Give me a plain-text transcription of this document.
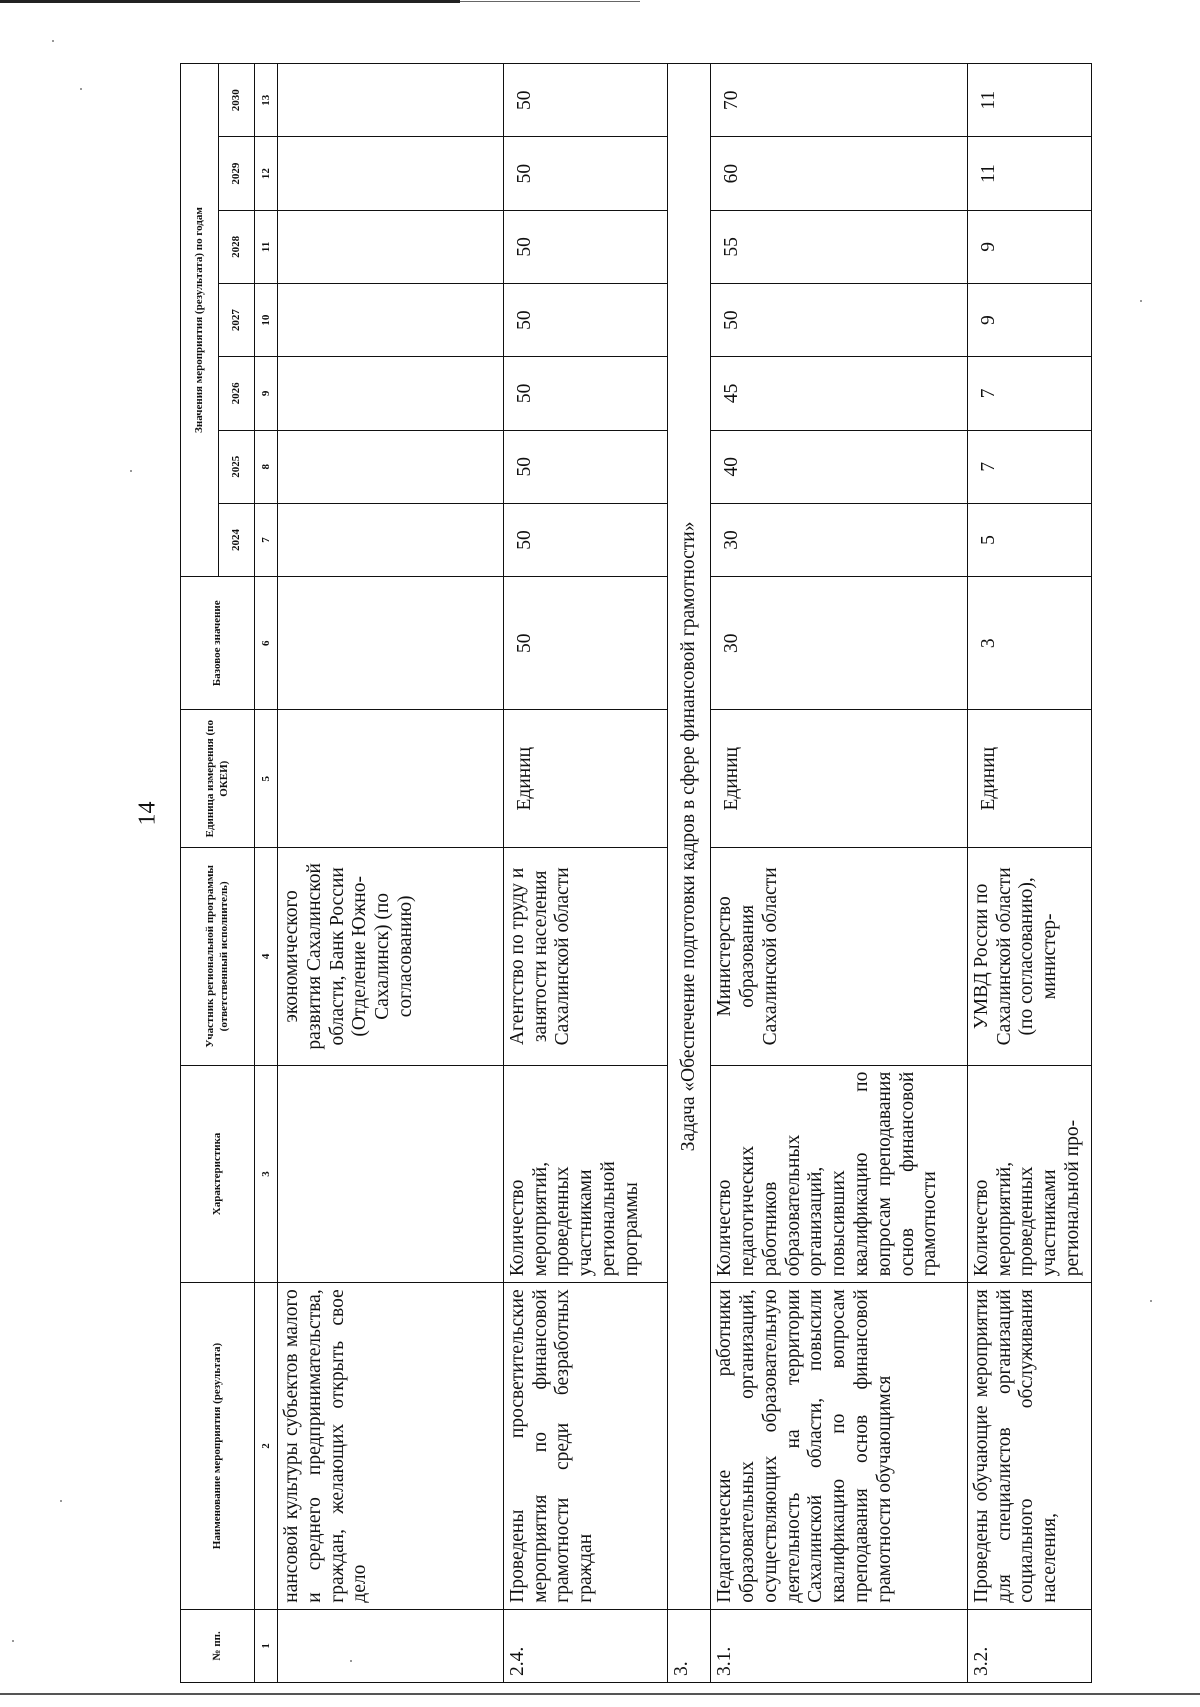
14
№ пп.	Наименование мероприятия (результата)	Характеристика	Участник региональной программы (ответственный исполнитель)	Единица измерения (по ОКЕИ)	Базовое значение	Значения мероприятия (результата) по годам						
						2024	2025	2026	2027	2028	2029	2030
1	2	3	4	5	6	7	8	9	10	11	12	13
	нансовой культуры субъектов малого и среднего предпринимательства, граждан, желающих открыть свое дело		экономического развития Сахалинской области, Банк России (Отделение Южно-Сахалинск) (по согласованию)									
2.4.	Проведены просветительские мероприятия по финансовой грамотности среди безработных граждан	Количество мероприятий, проведенных участниками региональной программы	Агентство по труду и занятости населения Сахалинской области	Единиц	50	50	50	50	50	50	50	50
3.	Задача «Обеспечение подготовки кадров в сфере финансовой грамотности»											
3.1.	Педагогические работники образовательных организаций, осуществляющих образовательную деятельность на территории Сахалинской области, повысили квалификацию по вопросам преподавания основ финансовой грамотности обучающимся	Количество педагогических работников образовательных организаций, повысивших квалификацию по вопросам преподавания основ финансовой грамотности	Министерство образования Сахалинской области	Единиц	30	30	40	45	50	55	60	70
3.2.	Проведены обучающие мероприятия для специалистов организаций социального обслуживания населения,	Количество мероприятий, проведенных участниками региональной про-	УМВД России по Сахалинской области (по согласованию), министер-	Единиц	3	5	7	7	9	9	11	11
